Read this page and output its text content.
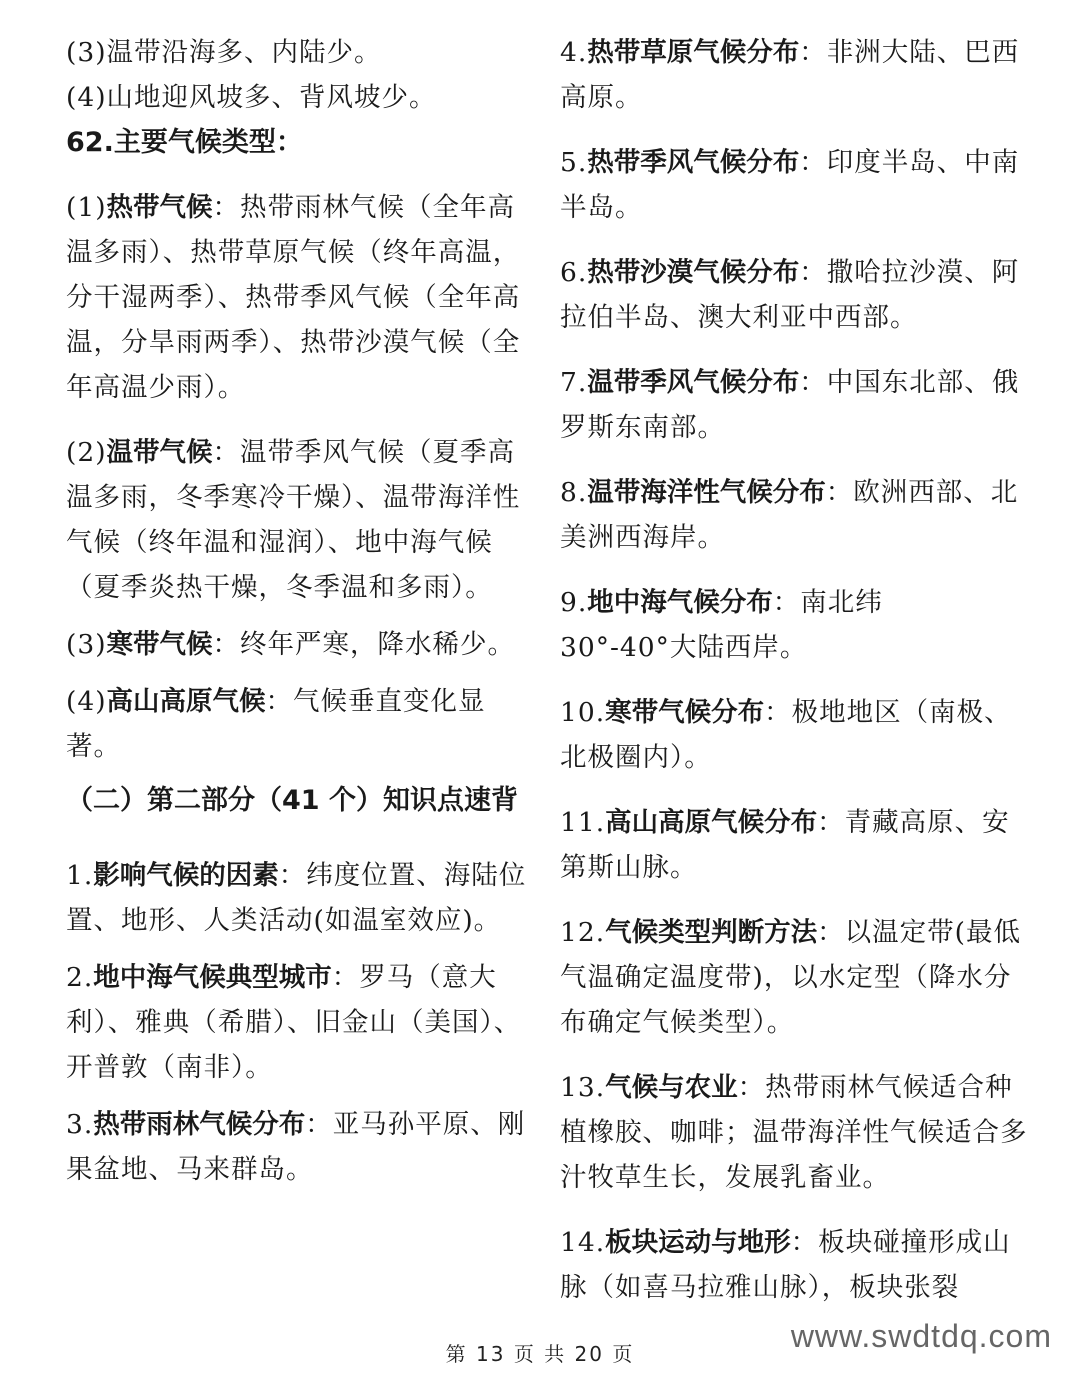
(3)温带沿海多、内陆少。

(4)山地迎风坡多、背风坡少。

62.主要气候类型：

(1)热带气候：热带雨林气候（全年高温多雨）、热带草原气候（终年高温，分干湿两季）、热带季风气候（全年高温，分旱雨两季）、热带沙漠气候（全年高温少雨）。

(2)温带气候：温带季风气候（夏季高温多雨，冬季寒冷干燥）、温带海洋性气候（终年温和湿润）、地中海气候（夏季炎热干燥，冬季温和多雨）。

(3)寒带气候：终年严寒，降水稀少。

(4)高山高原气候：气候垂直变化显著。

（二）第二部分（41 个）知识点速背

1.影响气候的因素：纬度位置、海陆位置、地形、人类活动(如温室效应)。

2.地中海气候典型城市：罗马（意大利）、雅典（希腊）、旧金山（美国）、开普敦（南非）。

3.热带雨林气候分布：亚马孙平原、刚果盆地、马来群岛。

4.热带草原气候分布：非洲大陆、巴西高原。

5.热带季风气候分布：印度半岛、中南半岛。

6.热带沙漠气候分布：撒哈拉沙漠、阿拉伯半岛、澳大利亚中西部。

7.温带季风气候分布：中国东北部、俄罗斯东南部。

8.温带海洋性气候分布：欧洲西部、北美洲西海岸。

9.地中海气候分布：南北纬
30°-40°大陆西岸。

10.寒带气候分布：极地地区（南极、北极圈内）。

11.高山高原气候分布：青藏高原、安第斯山脉。

12.气候类型判断方法：以温定带(最低气温确定温度带)，以水定型（降水分布确定气候类型）。

13.气候与农业：热带雨林气候适合种植橡胶、咖啡；温带海洋性气候适合多汁牧草生长，发展乳畜业。

14.板块运动与地形：板块碰撞形成山脉（如喜马拉雅山脉），板块张裂

第 13 页 共 20 页	www.swdtdq.com
